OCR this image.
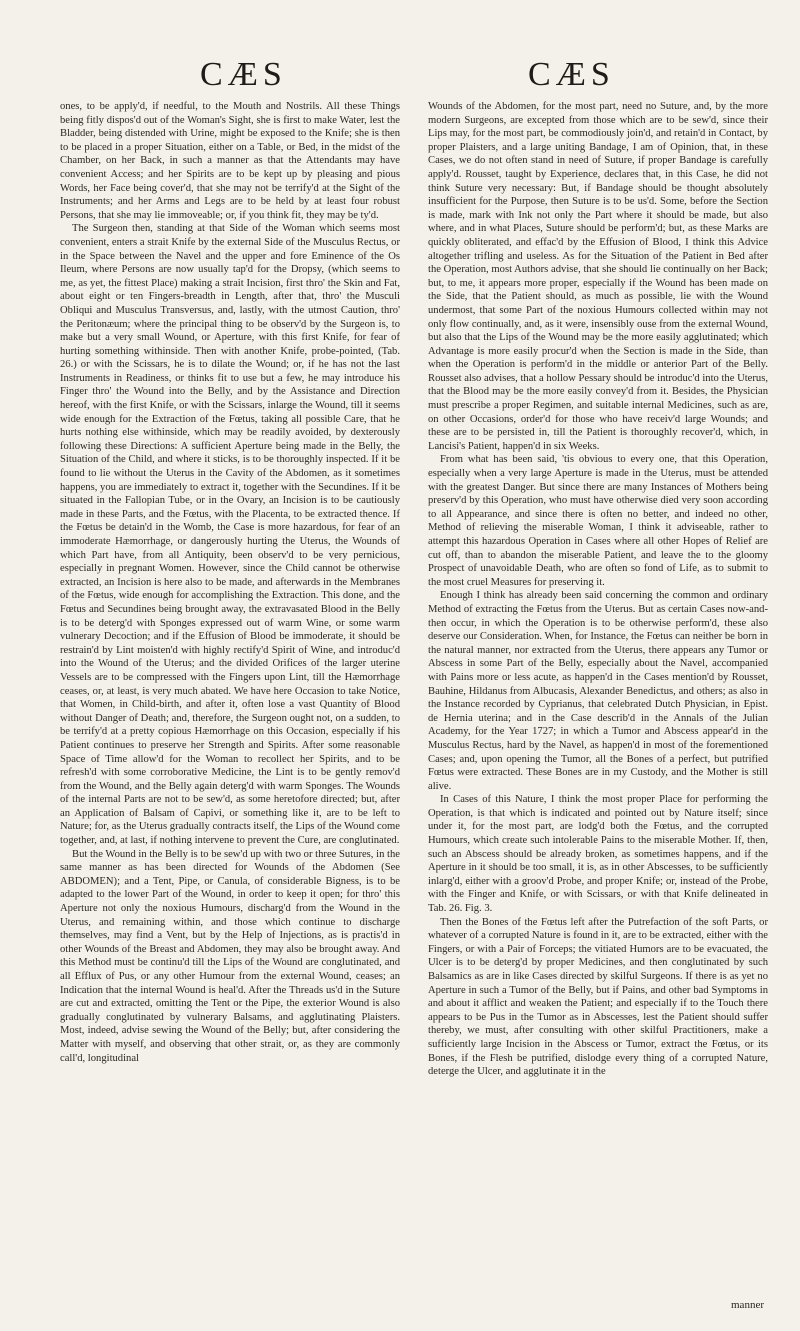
CÆS	CÆS

ones, to be apply'd, if needful, to the Mouth and Nostrils. All these Things being fitly dispos'd out of the Woman's Sight, she is first to make Water, lest the Bladder, being distended with Urine, might be exposed to the Knife; she is then to be placed in a proper Situation, either on a Table, or Bed, in the midst of the Chamber, on her Back, in such a manner as that the Attendants may have convenient Access; and her Spirits are to be kept up by pleasing and pious Words, her Face being cover'd, that she may not be terrify'd at the Sight of the Instruments; and her Arms and Legs are to be held by at least four robust Persons, that she may lie immoveable; or, if you think fit, they may be ty'd.

The Surgeon then, standing at that Side of the Woman which seems most convenient, enters a strait Knife by the external Side of the Musculus Rectus, or in the Space between the Navel and the upper and fore Eminence of the Os Ileum, where Persons are now usually tap'd for the Dropsy, (which seems to me, as yet, the fittest Place) making a strait Incision, first thro' the Skin and Fat, about eight or ten Fingers-breadth in Length, after that, thro' the Musculi Obliqui and Musculus Transversus, and, lastly, with the utmost Caution, thro' the Peritonæum; where the principal thing to be observ'd by the Surgeon is, to make but a very small Wound, or Aperture, with this first Knife, for fear of hurting something withinside. Then with another Knife, probe-pointed, (Tab. 26.) or with the Scissars, he is to dilate the Wound; or, if he has not the last Instruments in Readiness, or thinks fit to use but a few, he may introduce his Finger thro' the Wound into the Belly, and by the Assistance and Direction hereof, with the first Knife, or with the Scissars, inlarge the Wound, till it seems wide enough for the Extraction of the Fœtus, taking all possible Care, that he hurts nothing else withinside, which may be readily avoided, by dexterously following these Directions: A sufficient Aperture being made in the Belly, the Situation of the Child, and where it sticks, is to be thoroughly inspected. If it be found to lie without the Uterus in the Cavity of the Abdomen, as it sometimes happens, you are immediately to extract it, together with the Secundines. If it be situated in the Fallopian Tube, or in the Ovary, an Incision is to be cautiously made in these Parts, and the Fœtus, with the Placenta, to be extracted thence. If the Fœtus be detain'd in the Womb, the Case is more hazardous, for fear of an immoderate Hæmorrhage, or dangerously hurting the Uterus, the Wounds of which Part have, from all Antiquity, been observ'd to be very pernicious, especially in pregnant Women. However, since the Child cannot be otherwise extracted, an Incision is here also to be made, and afterwards in the Membranes of the Fœtus, wide enough for accomplishing the Extraction. This done, and the Fœtus and Secundines being brought away, the extravasated Blood in the Belly is to be deterg'd with Sponges expressed out of warm Wine, or some warm vulnerary Decoction; and if the Effusion of Blood be immoderate, it should be restrain'd by Lint moisten'd with highly rectify'd Spirit of Wine, and introduc'd into the Wound of the Uterus; and the divided Orifices of the larger uterine Vessels are to be compressed with the Fingers upon Lint, till the Hæmorrhage ceases, or, at least, is very much abated. We have here Occasion to take Notice, that Women, in Child-birth, and after it, often lose a vast Quantity of Blood without Danger of Death; and, therefore, the Surgeon ought not, on a sudden, to be terrify'd at a pretty copious Hæmorrhage on this Occasion, especially if his Patient continues to preserve her Strength and Spirits. After some reasonable Space of Time allow'd for the Woman to recollect her Spirits, and to be refresh'd with some corroborative Medicine, the Lint is to be gently remov'd from the Wound, and the Belly again deterg'd with warm Sponges. The Wounds of the internal Parts are not to be sew'd, as some heretofore directed; but, after an Application of Balsam of Capivi, or something like it, are to be left to Nature; for, as the Uterus gradually contracts itself, the Lips of the Wound come together, and, at last, if nothing intervene to prevent the Cure, are conglutinated.

But the Wound in the Belly is to be sew'd up with two or three Sutures, in the same manner as has been directed for Wounds of the Abdomen (See ABDOMEN); and a Tent, Pipe, or Canula, of considerable Bigness, is to be adapted to the lower Part of the Wound, in order to keep it open; for thro' this Aperture not only the noxious Humours, discharg'd from the Wound in the Uterus, and remaining within, and those which continue to discharge themselves, may find a Vent, but by the Help of Injections, as is practis'd in other Wounds of the Breast and Abdomen, they may also be brought away. And this Method must be continu'd till the Lips of the Wound are conglutinated, and all Efflux of Pus, or any other Humour from the external Wound, ceases; an Indication that the internal Wound is heal'd. After the Threads us'd in the Suture are cut and extracted, omitting the Tent or the Pipe, the exterior Wound is also gradually conglutinated by vulnerary Balsams, and agglutinating Plaisters. Most, indeed, advise sewing the Wound of the Belly; but, after considering the Matter with myself, and observing that other strait, or, as they are commonly call'd, longitudinal

Wounds of the Abdomen, for the most part, need no Suture, and, by the more modern Surgeons, are excepted from those which are to be sew'd, since their Lips may, for the most part, be commodiously join'd, and retain'd in Contact, by proper Plaisters, and a large uniting Bandage, I am of Opinion, that, in these Cases, we do not often stand in need of Suture, if proper Bandage is carefully apply'd. Rousset, taught by Experience, declares that, in this Case, he did not think Suture very necessary: But, if Bandage should be thought absolutely insufficient for the Purpose, then Suture is to be us'd. Some, before the Section is made, mark with Ink not only the Part where it should be made, but also where, and in what Places, Suture should be perform'd; but, as these Marks are quickly obliterated, and effac'd by the Effusion of Blood, I think this Advice altogether trifling and useless. As for the Situation of the Patient in Bed after the Operation, most Authors advise, that she should lie continually on her Back; but, to me, it appears more proper, especially if the Wound has been made on the Side, that the Patient should, as much as possible, lie with the Wound undermost, that some Part of the noxious Humours collected within may not only flow continually, and, as it were, insensibly ouse from the external Wound, but also that the Lips of the Wound may be the more easily agglutinated; which Advantage is more easily procur'd when the Section is made in the Side, than when the Operation is perform'd in the middle or anterior Part of the Belly. Rousset also advises, that a hollow Pessary should be introduc'd into the Uterus, that the Blood may be the more easily convey'd from it. Besides, the Physician must prescribe a proper Regimen, and suitable internal Medicines, such as are, on other Occasions, order'd for those who have receiv'd large Wounds; and these are to be persisted in, till the Patient is thoroughly recover'd, which, in Lancisi's Patient, happen'd in six Weeks.

From what has been said, 'tis obvious to every one, that this Operation, especially when a very large Aperture is made in the Uterus, must be attended with the greatest Danger. But since there are many Instances of Mothers being preserv'd by this Operation, who must have otherwise died very soon according to all Appearance, and since there is often no better, and indeed no other, Method of relieving the miserable Woman, I think it adviseable, rather to attempt this hazardous Operation in Cases where all other Hopes of Relief are cut off, than to abandon the miserable Patient, and leave the to the gloomy Prospect of unavoidable Death, who are often so fond of Life, as to submit to the most cruel Measures for preserving it.

Enough I think has already been said concerning the common and ordinary Method of extracting the Fœtus from the Uterus. But as certain Cases now-and-then occur, in which the Operation is to be otherwise perform'd, these also deserve our Consideration. When, for Instance, the Fœtus can neither be born in the natural manner, nor extracted from the Uterus, there appears any Tumor or Abscess in some Part of the Belly, especially about the Navel, accompanied with Pains more or less acute, as happen'd in the Cases mention'd by Rousset, Bauhine, Hildanus from Albucasis, Alexander Benedictus, and others; as also in the Instance recorded by Cyprianus, that celebrated Dutch Physician, in Epist. de Hernia uterina; and in the Case describ'd in the Annals of the Julian Academy, for the Year 1727; in which a Tumor and Abscess appear'd in the Musculus Rectus, hard by the Navel, as happen'd in most of the forementioned Cases; and, upon opening the Tumor, all the Bones of a perfect, but putrified Fœtus were extracted. These Bones are in my Custody, and the Mother is still alive.

In Cases of this Nature, I think the most proper Place for performing the Operation, is that which is indicated and pointed out by Nature itself; since under it, for the most part, are lodg'd both the Fœtus, and the corrupted Humours, which create such intolerable Pains to the miserable Mother. If, then, such an Abscess should be already broken, as sometimes happens, and if the Aperture in it should be too small, it is, as in other Abscesses, to be sufficiently inlarg'd, either with a groov'd Probe, and proper Knife; or, instead of the Probe, with the Finger and Knife, or with Scissars, or with that Knife delineated in Tab. 26. Fig. 3.

Then the Bones of the Fœtus left after the Putrefaction of the soft Parts, or whatever of a corrupted Nature is found in it, are to be extracted, either with the Fingers, or with a Pair of Forceps; the vitiated Humors are to be evacuated, the Ulcer is to be deterg'd by proper Medicines, and then conglutinated by such Balsamics as are in like Cases directed by skilful Surgeons. If there is as yet no Aperture in such a Tumor of the Belly, but if Pains, and other bad Symptoms in and about it afflict and weaken the Patient; and especially if to the Touch there appears to be Pus in the Tumor as in Abscesses, lest the Patient should suffer thereby, we must, after consulting with other skilful Practitioners, make a sufficiently large Incision in the Abscess or Tumor, extract the Fœtus, or its Bones, if the Flesh be putrified, dislodge every thing of a corrupted Nature, deterge the Ulcer, and agglutinate it in the

manner
